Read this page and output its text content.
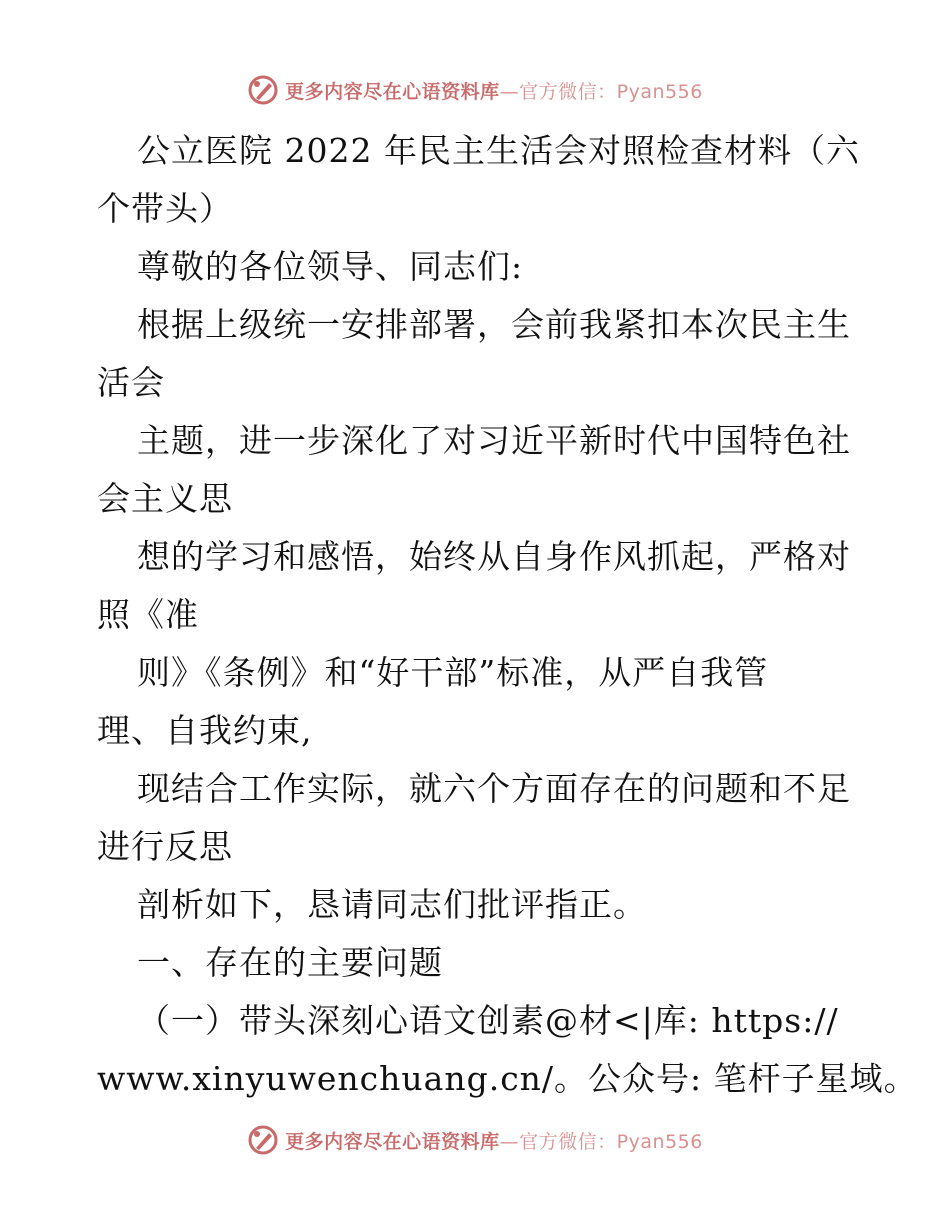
更多内容尽在心语资料库—官方微信：Pyan556
公立医院 2022 年民主生活会对照检查材料（六
个带头）
尊敬的各位领导、同志们:
根据上级统一安排部署，会前我紧扣本次民主生
活会
主题，进一步深化了对习近平新时代中国特色社
会主义思
想的学习和感悟，始终从自身作风抓起，严格对
照《准
则》《条例》和“好干部”标准，从严自我管
理、自我约束,
现结合工作实际，就六个方面存在的问题和不足
进行反思
剖析如下，恳请同志们批评指正。
一、存在的主要问题
（一）带头深刻心语文创素@材<|库: https://
www.xinyuwenchuang.cn/。公众号: 笔杆子星域。
更多内容尽在心语资料库—官方微信：Pyan556
